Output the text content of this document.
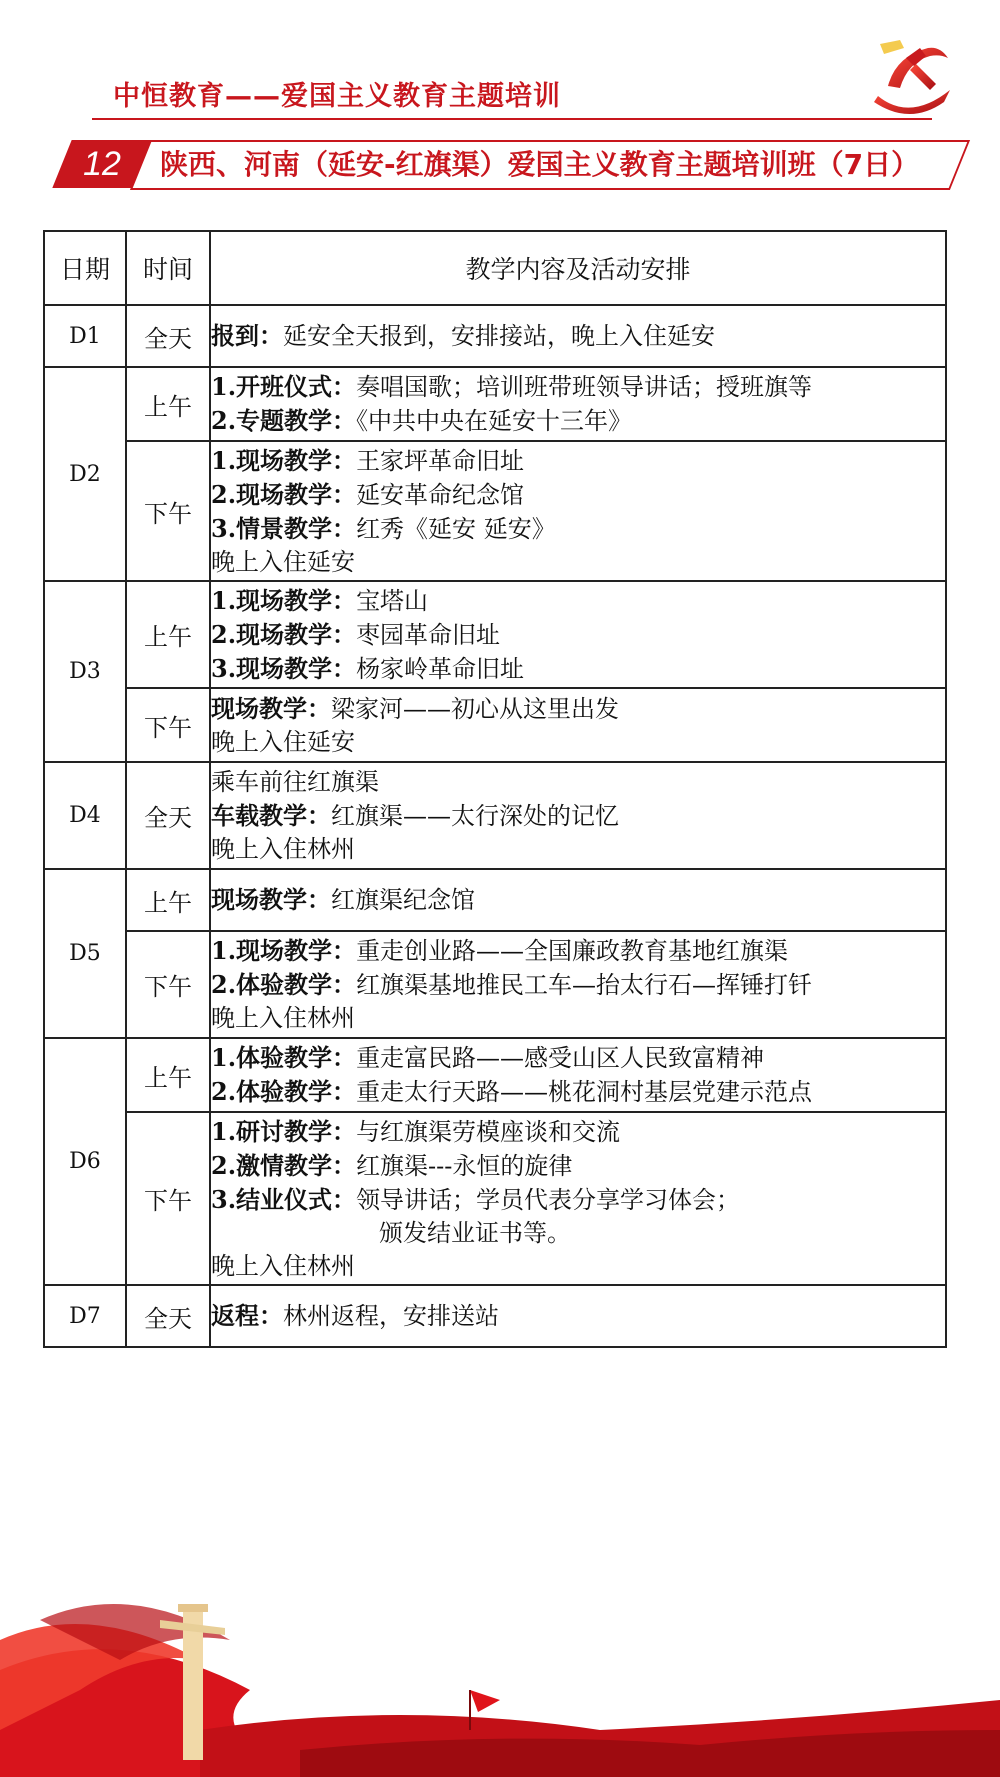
中恒教育——爱国主义教育主题培训
12	陕西、河南（延安-红旗渠）爱国主义教育主题培训班（7日）
日期	时间	教学内容及活动安排
D1	全天	报到：延安全天报到，安排接站，晚上入住延安

D2	上午	1.开班仪式：奏唱国歌；培训班带班领导讲话；授班旗等
2.专题教学：《中共中央在延安十三年》

	下午	1.现场教学：王家坪革命旧址
2.现场教学：延安革命纪念馆
3.情景教学：红秀《延安 延安》
晚上入住延安

D3	上午	1.现场教学：宝塔山
2.现场教学：枣园革命旧址
3.现场教学：杨家岭革命旧址

	下午	现场教学：梁家河——初心从这里出发
晚上入住延安

D4	全天	乘车前往红旗渠
车载教学：红旗渠——太行深处的记忆
晚上入住林州

D5	上午	现场教学：红旗渠纪念馆

	下午	1.现场教学：重走创业路——全国廉政教育基地红旗渠
2.体验教学：红旗渠基地推民工车—抬太行石—挥锤打钎
晚上入住林州

D6	上午	1.体验教学：重走富民路——感受山区人民致富精神
2.体验教学：重走太行天路——桃花洞村基层党建示范点

	下午	1.研讨教学：与红旗渠劳模座谈和交流
2.激情教学：红旗渠---永恒的旋律
3.结业仪式：领导讲话；学员代表分享学习体会；
颁发结业证书等。
晚上入住林州

D7	全天	返程：林州返程，安排送站
